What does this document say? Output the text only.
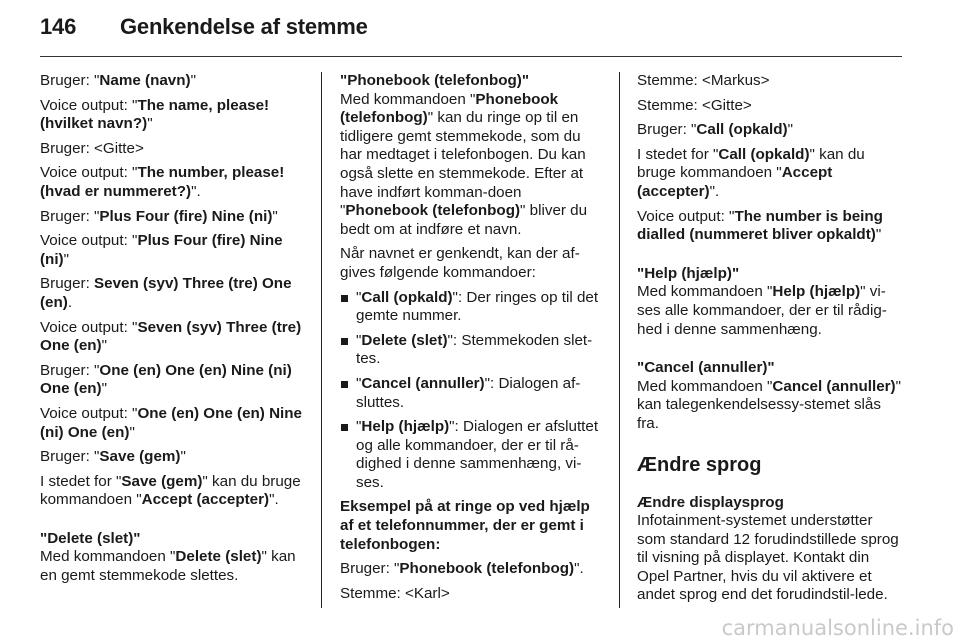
146 Genkendelse af stemme

Bruger: "Name (navn)"

Voice output: "The name, please! (hvilket navn?)"

Bruger: <Gitte>

Voice output: "The number, please! (hvad er nummeret?)".

Bruger: "Plus Four (fire) Nine (ni)"

Voice output: "Plus Four (fire) Nine (ni)"

Bruger: Seven (syv) Three (tre) One (en).

Voice output: "Seven (syv) Three (tre) One (en)"

Bruger: "One (en) One (en) Nine (ni) One (en)"

Voice output: "One (en) One (en) Nine (ni) One (en)"

Bruger: "Save (gem)"

I stedet for "Save (gem)" kan du bruge kommandoen "Accept (accepter)".

"Delete (slet)"
Med kommandoen "Delete (slet)" kan en gemt stemmekode slettes.

"Phonebook (telefonbog)"
Med kommandoen "Phonebook (telefonbog)" kan du ringe op til en tidligere gemt stemmekode, som du har medtaget i telefonbogen. Du kan også slette en stemmekode. Efter at have indført komman-doen "Phonebook (telefonbog)" bliver du bedt om at indføre et navn.

Når navnet er genkendt, kan der af-gives følgende kommandoer:

"Call (opkald)": Der ringes op til det gemte nummer.
"Delete (slet)": Stemmekoden slet-tes.
"Cancel (annuller)": Dialogen af-sluttes.
"Help (hjælp)": Dialogen er afsluttet og alle kommandoer, der er til rå-dighed i denne sammenhæng, vi-ses.

Eksempel på at ringe op ved hjælp af et telefonnummer, der er gemt i telefonbogen:

Bruger: "Phonebook (telefonbog)".

Stemme: <Karl>

Stemme: <Markus>

Stemme: <Gitte>

Bruger: "Call (opkald)"

I stedet for "Call (opkald)" kan du bruge kommandoen "Accept (accepter)".

Voice output: "The number is being dialled (nummeret bliver opkaldt)"

"Help (hjælp)"
Med kommandoen "Help (hjælp)" vi-ses alle kommandoer, der er til rådig-hed i denne sammenhæng.

"Cancel (annuller)"
Med kommandoen "Cancel (annuller)" kan talegenkendelsessy-stemet slås fra.

Ændre sprog

Ændre displaysprog
Infotainment-systemet understøtter som standard 12 forudindstillede sprog til visning på displayet. Kontakt din Opel Partner, hvis du vil aktivere et andet sprog end det forudindstil-lede.

carmanualsonline.info
